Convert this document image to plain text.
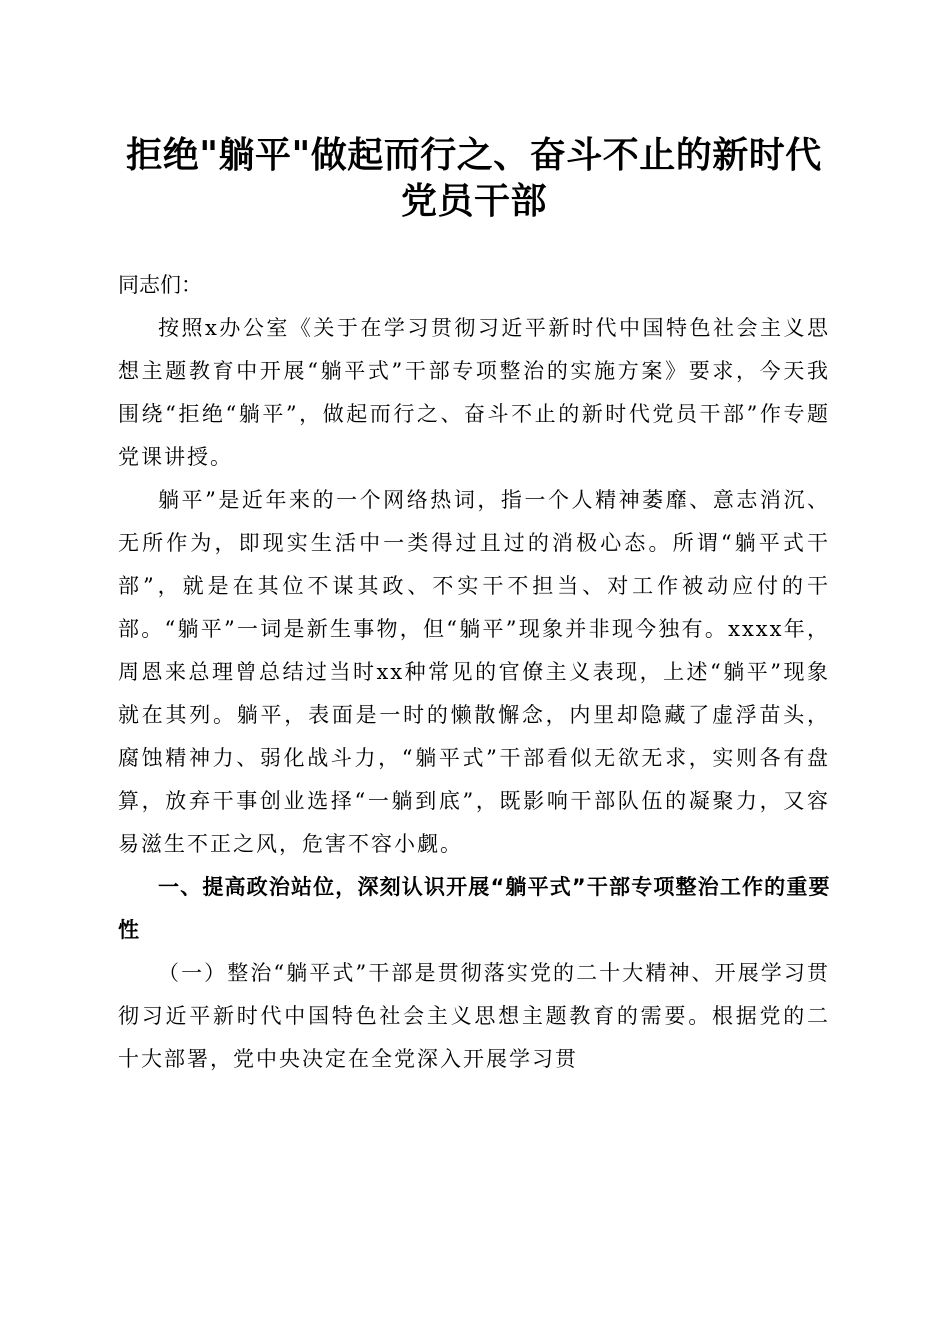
拒绝"躺平"做起而行之、奋斗不止的新时代
党员干部

同志们：

按照x办公室《关于在学习贯彻习近平新时代中国特色社会主义思想主题教育中开展“躺平式”干部专项整治的实施方案》要求，今天我围绕“拒绝“躺平”，做起而行之、奋斗不止的新时代党员干部”作专题党课讲授。

躺平”是近年来的一个网络热词，指一个人精神萎靡、意志消沉、无所作为，即现实生活中一类得过且过的消极心态。所谓“躺平式干部”，就是在其位不谋其政、不实干不担当、对工作被动应付的干部。“躺平”一词是新生事物，但“躺平”现象并非现今独有。xxxx年，周恩来总理曾总结过当时xx种常见的官僚主义表现，上述“躺平”现象就在其列。躺平，表面是一时的懒散懈念，内里却隐藏了虚浮苗头，腐蚀精神力、弱化战斗力，“躺平式”干部看似无欲无求，实则各有盘算，放弃干事创业选择“一躺到底”，既影响干部队伍的凝聚力，又容易滋生不正之风，危害不容小觑。

一、提高政治站位，深刻认识开展“躺平式”干部专项整治工作的重要性

（一）整治“躺平式”干部是贯彻落实党的二十大精神、开展学习贯彻习近平新时代中国特色社会主义思想主题教育的需要。根据党的二十大部署，党中央决定在全党深入开展学习贯
